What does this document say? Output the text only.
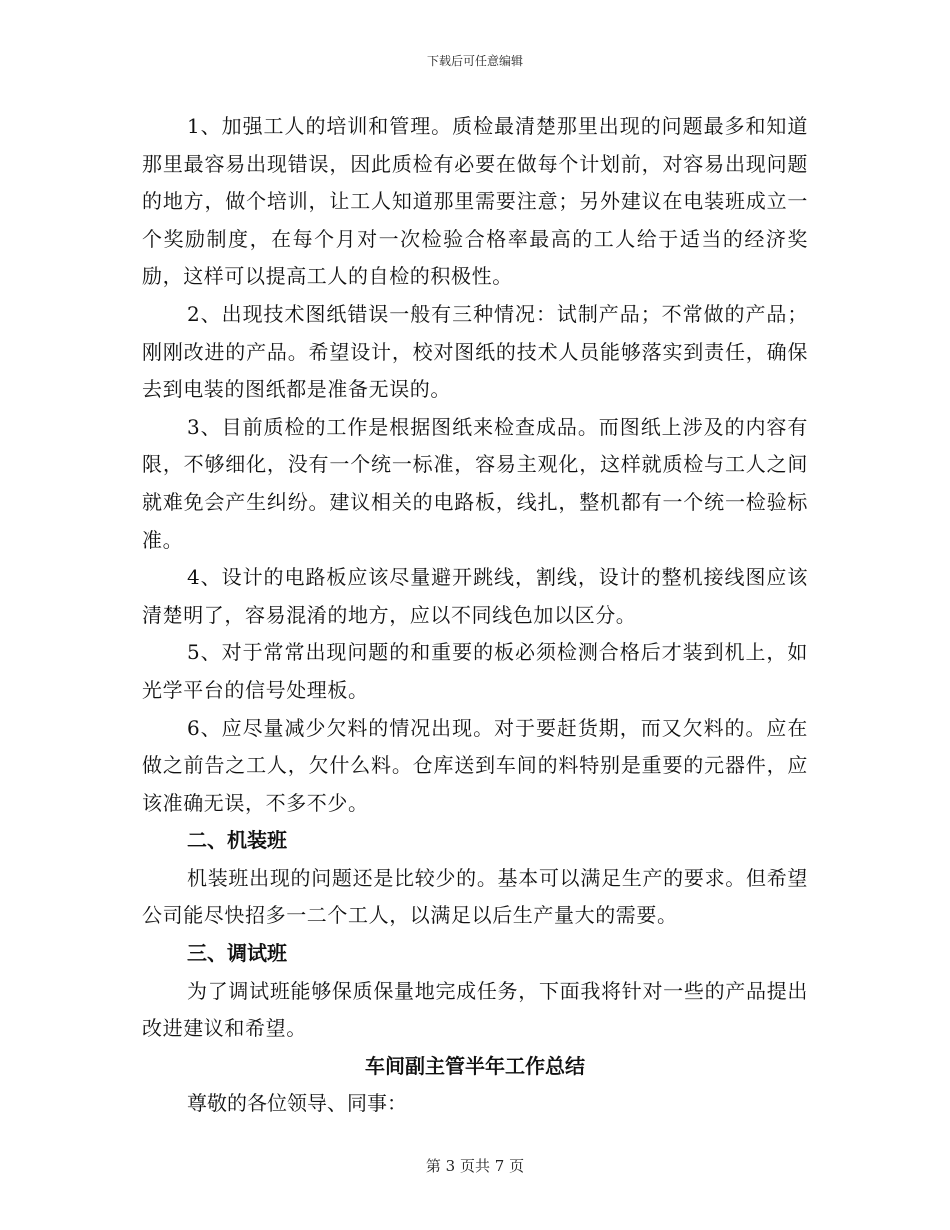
下载后可任意编辑

1、加强工人的培训和管理。质检最清楚那里出现的问题最多和知道那里最容易出现错误，因此质检有必要在做每个计划前，对容易出现问题的地方，做个培训，让工人知道那里需要注意；另外建议在电装班成立一个奖励制度，在每个月对一次检验合格率最高的工人给于适当的经济奖励，这样可以提高工人的自检的积极性。

2、出现技术图纸错误一般有三种情况：试制产品；不常做的产品；刚刚改进的产品。希望设计，校对图纸的技术人员能够落实到责任，确保去到电装的图纸都是准备无误的。

3、目前质检的工作是根据图纸来检查成品。而图纸上涉及的内容有限，不够细化，没有一个统一标准，容易主观化，这样就质检与工人之间就难免会产生纠纷。建议相关的电路板，线扎，整机都有一个统一检验标准。

4、设计的电路板应该尽量避开跳线，割线，设计的整机接线图应该清楚明了，容易混淆的地方，应以不同线色加以区分。

5、对于常常出现问题的和重要的板必须检测合格后才装到机上，如光学平台的信号处理板。

6、应尽量减少欠料的情况出现。对于要赶货期，而又欠料的。应在做之前告之工人，欠什么料。仓库送到车间的料特别是重要的元器件，应该准确无误，不多不少。

二、机装班

机装班出现的问题还是比较少的。基本可以满足生产的要求。但希望公司能尽快招多一二个工人，以满足以后生产量大的需要。

三、调试班

为了调试班能够保质保量地完成任务，下面我将针对一些的产品提出改进建议和希望。

车间副主管半年工作总结

尊敬的各位领导、同事：

第 3 页共 7 页
